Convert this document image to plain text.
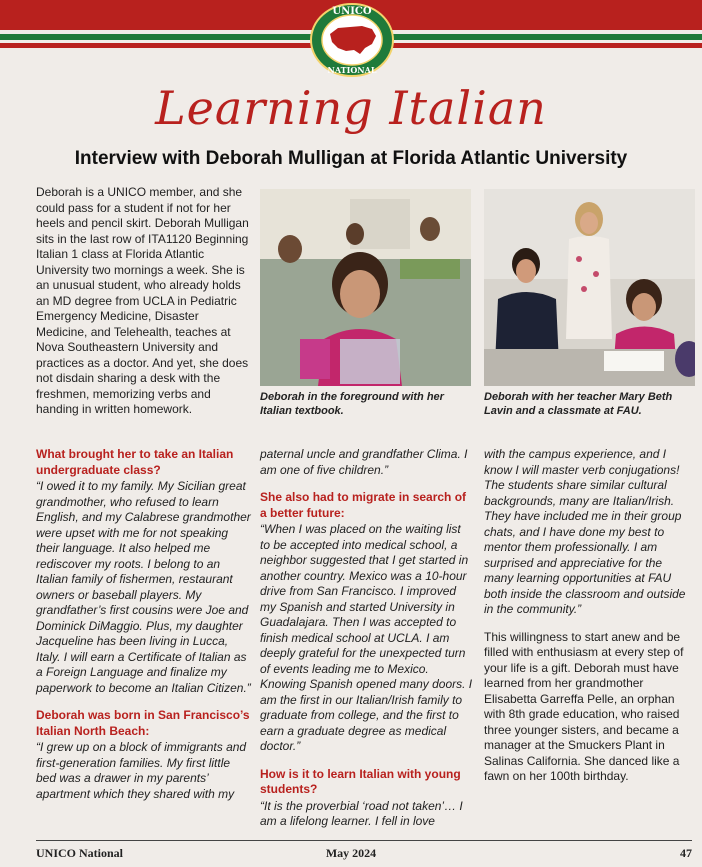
UNICO
NATIONAL
Learning Italian
Interview with Deborah Mulligan at Florida Atlantic University
Deborah is a UNICO member, and she could pass for a student if not for her heels and pencil skirt. Deborah Mulligan sits in the last row of ITA1120 Beginning Italian 1 class at Florida Atlantic University two mornings a week. She is an unusual student, who already holds an MD degree from UCLA in Pediatric Emergency Medicine, Disaster Medicine, and Telehealth, teaches at Nova Southeastern University and practices as a doctor. And yet, she does not disdain sharing a desk with the freshmen, memorizing verbs and handing in written homework.
Deborah in the foreground with her Italian textbook.
Deborah with her teacher Mary Beth Lavin and a classmate at FAU.

What brought her to take an Italian undergraduate class?

“I owed it to my family. My Sicilian great grandmother, who refused to learn English, and my Calabrese grandmother were upset with me for not speaking their language. It also helped me rediscover my roots. I belong to an Italian family of fishermen, restaurant owners or baseball players. My grandfather’s first cousins were Joe and Dominick DiMaggio. Plus, my daughter Jacqueline has been living in Lucca, Italy. I will earn a Certificate of Italian as a Foreign Language and finalize my paperwork to become an Italian Citizen.”

Deborah was born in San Francisco’s Italian North Beach:

“I grew up on a block of immigrants and first-generation families. My first little bed was a drawer in my parents’ apartment which they shared with my

paternal uncle and grandfather Clima. I am one of five children.”

She also had to migrate in search of a better future:

“When I was placed on the waiting list to be accepted into medical school, a neighbor suggested that I get started in another country. Mexico was a 10-hour drive from San Francisco. I improved my Spanish and started University in Guadalajara. Then I was accepted to finish medical school at UCLA. I am deeply grateful for the unexpected turn of events leading me to Mexico. Knowing Spanish opened many doors. I am the first in our Italian/Irish family to graduate from college, and the first to earn a graduate degree as medical doctor.”

How is it to learn Italian with young students?

“It is the proverbial ‘road not taken’… I am a lifelong learner. I fell in love

with the campus experience, and I know I will master verb conjugations! The students share similar cultural backgrounds, many are Italian/Irish. They have included me in their group chats, and I have done my best to mentor them professionally. I am surprised and appreciative for the many learning opportunities at FAU both inside the classroom and outside in the community.”

This willingness to start anew and be filled with enthusiasm at every step of your life is a gift. Deborah must have learned from her grandmother Elisabetta Garreffa Pelle, an orphan with 8th grade education, who raised three younger sisters, and became a manager at the Smuckers Plant in Salinas California. She danced like a fawn on her 100th birthday.

May 2024
UNICO National	47
